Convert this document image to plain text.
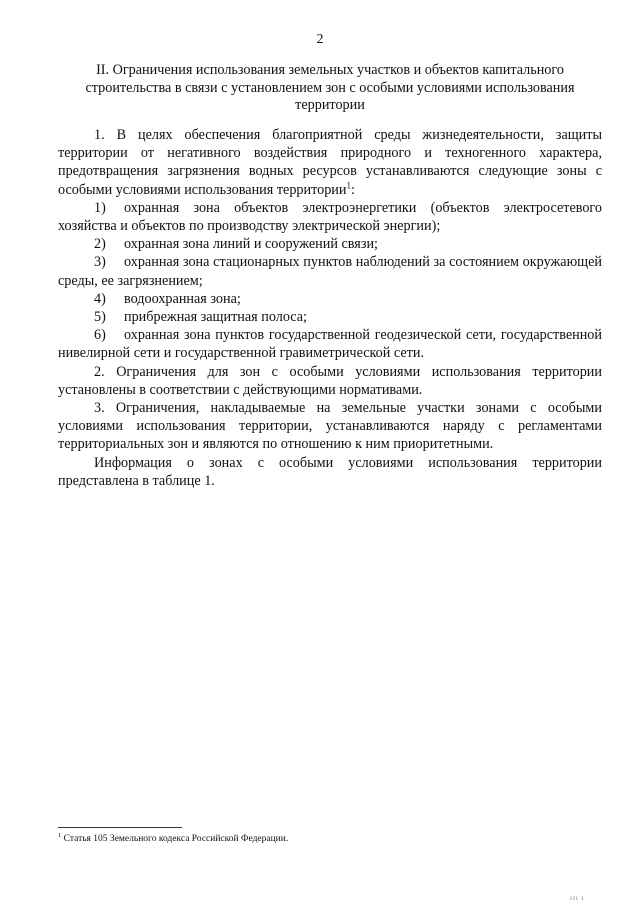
2
II. Ограничения использования земельных участков и объектов капитального строительства в связи с установлением зон с особыми условиями использования территории

1. В целях обеспечения благоприятной среды жизнедеятельности, защиты территории от негативного воздействия природного и техногенного характера, предотвращения загрязнения водных ресурсов устанавливаются следующие зоны с особыми условиями использования территории$^1$:

1) охранная зона объектов электроэнергетики (объектов электросетевого хозяйства и объектов по производству электрической энергии);

2) охранная зона линий и сооружений связи;

3) охранная зона стационарных пунктов наблюдений за состоянием окружающей среды, ее загрязнением;

4) водоохранная зона;

5) прибрежная защитная полоса;

6) охранная зона пунктов государственной геодезической сети, государственной нивелирной сети и государственной гравиметрической сети.

2. Ограничения для зон с особыми условиями использования территории установлены в соответствии с действующими нормативами.

3. Ограничения, накладываемые на земельные участки зонами с особыми условиями использования территории, устанавливаются наряду с регламентами территориальных зон и являются по отношению к ним приоритетными.

Информация о зонах с особыми условиями использования территории представлена в таблице 1.

$^1$ Статья 105 Земельного кодекса Российской Федерации.
ııı ı
